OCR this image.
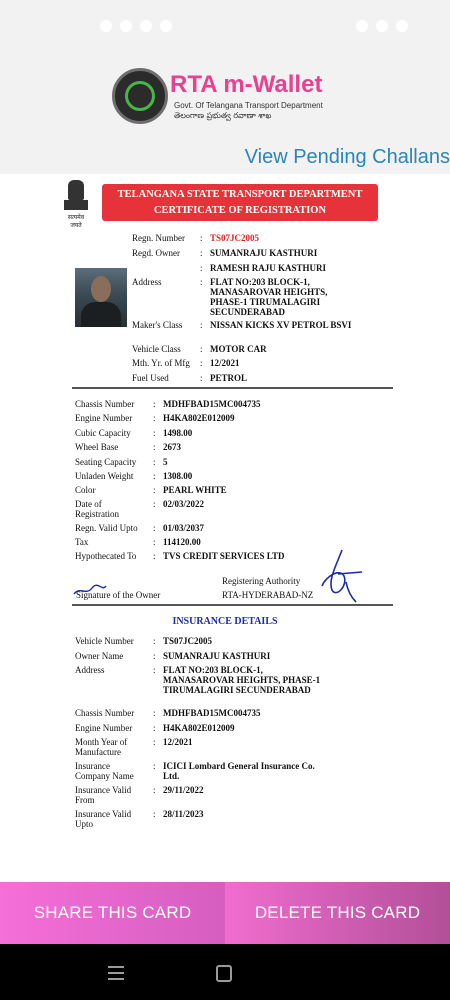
RTA m-Wallet
Govt. Of Telangana Transport Department
తెలంగాణ ప్రభుత్వ రవాణా శాఖ
View Pending Challans
सत्यमेव जयते
TELANGANA STATE TRANSPORT DEPARTMENT
CERTIFICATE OF REGISTRATION
Regn. Number : TS07JC2005
Regd. Owner : SUMANRAJU KASTHURI
: RAMESH RAJU KASTHURI
Address	: FLAT NO:203 BLOCK-1, MANASAROVAR HEIGHTS, PHASE-1 TIRUMALAGIRI SECUNDERABAD
Maker's Class : NISSAN KICKS XV PETROL BSVI
Vehicle Class : MOTOR CAR
Mth. Yr. of Mfg : 12/2021
Fuel Used	: PETROL
Chassis Number : MDHFBAD15MC004735
Engine Number : H4KA802E012009
Cubic Capacity : 1498.00
Wheel Base	: 2673
Seating Capacity : 5
Unladen Weight : 1308.00
Color	: PEARL WHITE
Date of Registration
: 02/03/2022
Regn. Valid Upto : 01/03/2037
Tax	: 114120.00
Hypothecated To : TVS CREDIT SERVICES LTD
Signature of the Owner
Registering Authority
RTA-HYDERABAD-NZ
INSURANCE DETAILS
Vehicle Number : TS07JC2005
Owner Name	: SUMANRAJU KASTHURI
Address	: FLAT NO:203 BLOCK-1, MANASAROVAR HEIGHTS, PHASE-1 TIRUMALAGIRI SECUNDERABAD
Chassis Number : MDHFBAD15MC004735
Engine Number : H4KA802E012009
Month Year of Manufacture
: 12/2021
Insurance Company Name
: ICICI Lombard General Insurance Co. Ltd.
Insurance Valid From
: 29/11/2022
Insurance Valid Upto
: 28/11/2023
SHARE THIS CARD	DELETE THIS CARD
